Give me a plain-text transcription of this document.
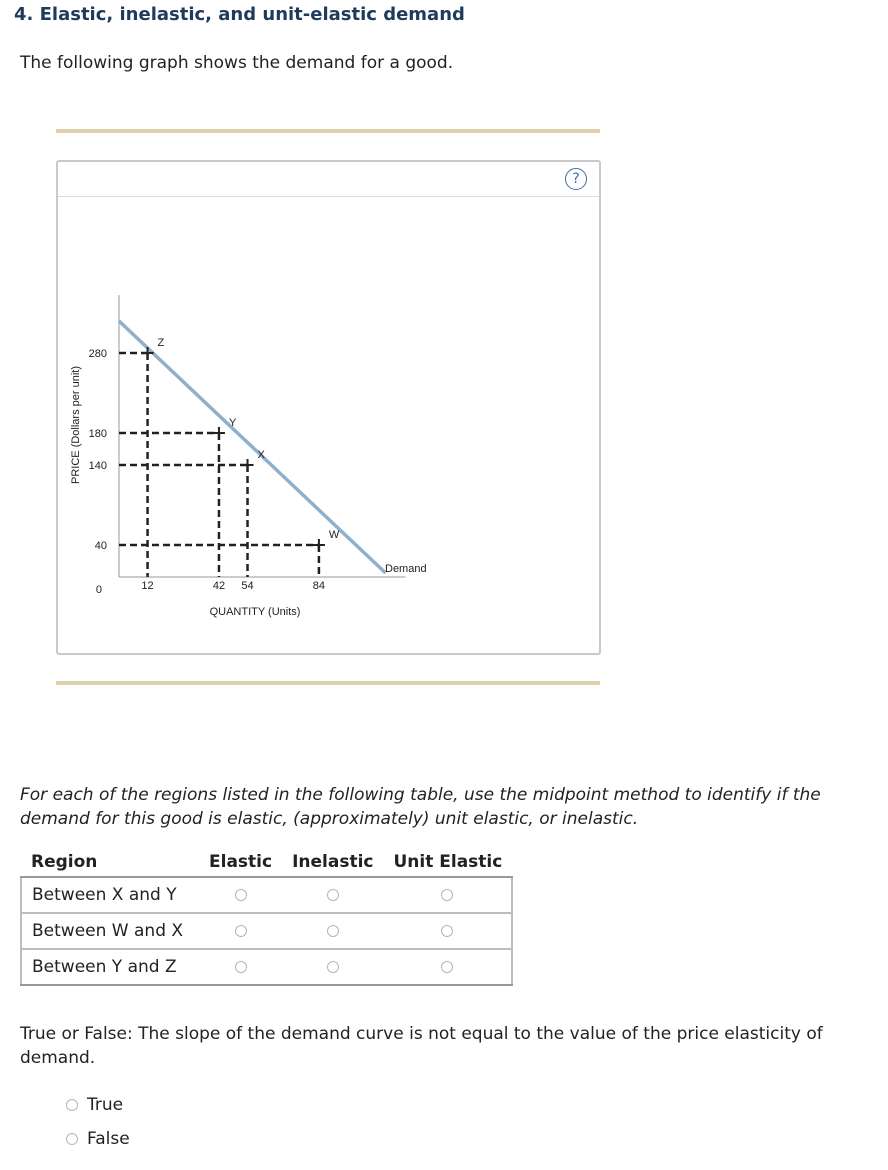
4. Elastic, inelastic, and unit-elastic demand
The following graph shows the demand for a good.
?
Z
Y
X
W
280
180
140
40
0	12	42 54	84
QUANTITY (Units)
PRICE (Dollars per unit)
Demand
For each of the regions listed in the following table, use the midpoint method to identify if the demand for this good is elastic, (approximately) unit elastic, or inelastic.
Region	Elastic	Inelastic	Unit Elastic
Between X and Y			
Between W and X			
Between Y and Z			
True or False: The slope of the demand curve is not equal to the value of the price elasticity of demand.
True
False
